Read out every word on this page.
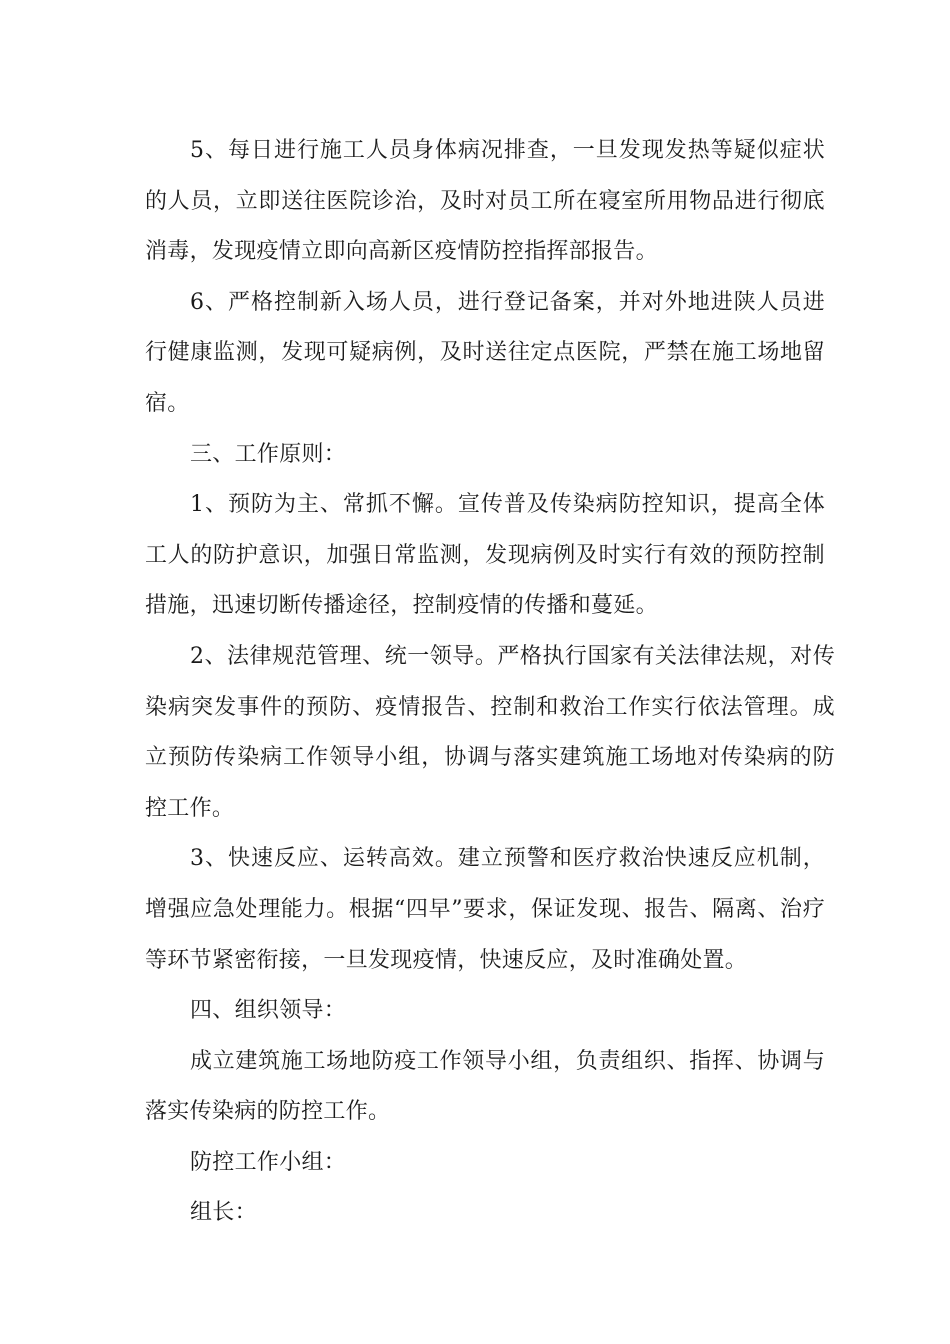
5、每日进行施工人员身体病况排查，一旦发现发热等疑似症状的人员，立即送往医院诊治，及时对员工所在寝室所用物品进行彻底消毒，发现疫情立即向高新区疫情防控指挥部报告。

6、严格控制新入场人员，进行登记备案，并对外地进陕人员进行健康监测，发现可疑病例，及时送往定点医院，严禁在施工场地留宿。

三、工作原则：

1、预防为主、常抓不懈。宣传普及传染病防控知识，提高全体工人的防护意识，加强日常监测，发现病例及时实行有效的预防控制措施，迅速切断传播途径，控制疫情的传播和蔓延。

2、法律规范管理、统一领导。严格执行国家有关法律法规，对传染病突发事件的预防、疫情报告、控制和救治工作实行依法管理。成立预防传染病工作领导小组，协调与落实建筑施工场地对传染病的防控工作。

3、快速反应、运转高效。建立预警和医疗救治快速反应机制，增强应急处理能力。根据“四早”要求，保证发现、报告、隔离、治疗等环节紧密衔接，一旦发现疫情，快速反应，及时准确处置。

四、组织领导：

成立建筑施工场地防疫工作领导小组，负责组织、指挥、协调与落实传染病的防控工作。

防控工作小组：

组长：
